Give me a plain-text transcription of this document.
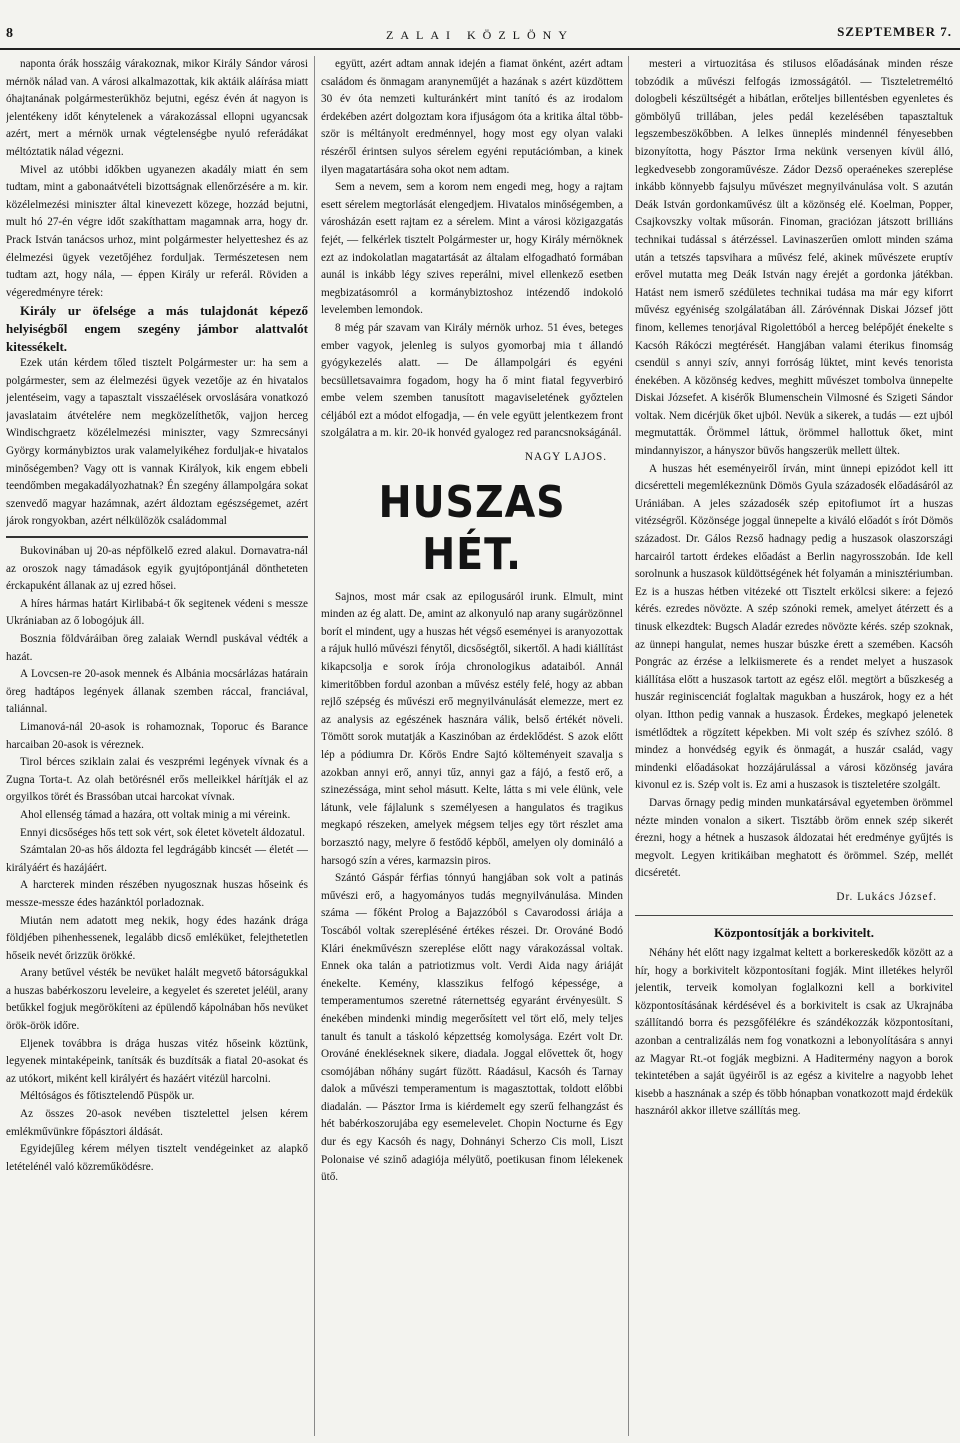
8	ZALAI KÖZLÖNY	SZEPTEMBER 7.

naponta órák hosszáig várakoznak, mikor Király Sándor városi mérnök nálad van. A városi alkalmazottak, kik aktáik aláírása miatt óhajtanának polgármesterükhöz bejutni, egész évén át nagyon is jelentékeny időt kénytelenek a várakozással ellopni ugyancsak azért, mert a mérnök urnak végtelenségbe nyuló referádákat méltóztatik nálad végezni.

Mivel az utóbbi időkben ugyanezen akadály miatt én sem tudtam, mint a gabonaátvételi bizottságnak ellenőrzésére a m. kir. közélelmezési miniszter által kinevezett közege, hozzád bejutni, mult hó 27-én végre időt szakíthattam magamnak arra, hogy dr. Prack István tanácsos urhoz, mint polgármester helyetteshez és az élelmezési ügyek vezetőjéhez forduljak. Természetesen nem tudtam azt, hogy nála, — éppen Király ur referál. Röviden a végeredményre térek:

Király ur öfelsége a más tulajdonát képező helyiségből engem szegény jámbor alattvalót kitessékelt.

Ezek után kérdem tőled tisztelt Polgármester ur: ha sem a polgármester, sem az élelmezési ügyek vezetője az én hivatalos jelentéseim, vagy a tapasztalt visszaélések orvoslására vonatkozó javaslataim átvételére nem megközelíthetők, vajjon herceg Windischgraetz közélelmezési miniszter, vagy Szmrecsányi György kormánybiztos urak valamelyikéhez forduljak-e hivatalos minőségemben? Vagy ott is vannak Királyok, kik engem ebbeli teendőmben megakadályozhatnak? Én szegény állampolgára sokat szenvedő magyar hazámnak, azért áldoztam egészségemet, azért járok rongyokban, azért nélkülözök családommal

Bukovinában uj 20-as népfölkelő ezred alakul. Dornavatra-nál az oroszok nagy támadások egyik gyujtópontjánál döntheteten érckapuként állanak az uj ezred hősei.

A híres hármas határt Kirlibabá-t ők segitenek védeni s messze Ukrániaban az ő lobogójuk áll.

Bosznia földváráiban öreg zalaiak Werndl puskával védték a hazát.

A Lovcsen-re 20-asok mennek és Albánia mocsárlázas határain öreg hadtápos legények állanak szemben ráccal, franciával, taliánnal.

Limanová-nál 20-asok is rohamoznak, Toporuc és Barance harcaiban 20-asok is véreznek.

Tirol bérces sziklain zalai és veszprémi legények vívnak és a Zugna Torta-t. Az olah betörésnél erős melleikkel hárítják el az orgyilkos törét és Brassóban utcai harcokat vívnak.

Ahol ellenség támad a hazára, ott voltak minig a mi véreink.

Ennyi dicsőséges hős tett sok vért, sok életet követelt áldozatul.

Számtalan 20-as hős áldozta fel legdrágább kincsét — életét — királyáért és hazájáért.

A harcterek minden részében nyugosznak huszas hőseink és messze-messze édes hazánktól porladoznak.

Miután nem adatott meg nekik, hogy édes hazánk drága földjében pihenhessenek, legalább dicső emléküket, felejthetetlen hőseik nevét őrizzük örökké.

Arany betűvel vésték be nevüket halált megvető bátorságukkal a huszas babérkoszoru leveleire, a kegyelet és szeretet jeléül, arany betűkkel fogjuk megörökíteni az épülendő kápolnában hős nevüket örök-örök időre.

Eljenek továbbra is drága huszas vitéz hőseink köztünk, legyenek mintaképeink, tanítsák és buzdítsák a fiatal 20-asokat és az utókort, miként kell királyért és hazáért vitézül harcolni.

Méltóságos és főtisztelendő Püspök ur.

Az összes 20-asok nevében tisztelettel jelsen kérem emlékművünkre főpásztori áldását.

Egyidejűleg kérem mélyen tisztelt vendégeinket az alapkő letételénél való közreműködésre.

együtt, azért adtam annak idején a fiamat önként, azért adtam családom és önmagam aranyneműjét a hazának s azért küzdöttem 30 év óta nemzeti kulturánkért mint tanító és az irodalom érdekében azért dolgoztam kora ifjuságom óta a kritika által többször is méltányolt eredménnyel, hogy most egy olyan valaki részéről érintsen sulyos sérelem egyéni reputációmban, a kinek ilyen magatartására soha okot nem adtam.

Sem a nevem, sem a korom nem engedi meg, hogy a rajtam esett sérelem megtorlását elengedjem. Hivatalos minőségemben, a városházán esett rajtam ez a sérelem. Mint a városi közigazgatás fejét, — felkérlek tisztelt Polgármester ur, hogy Király mérnöknek ezt az indokolatlan magatartását az általam elfogadható formában aunál is inkább légy szives reperálni, mivel ellenkező esetben megbizatásomról a kormánybiztoshoz intézendő indokoló levelemben lemondok.

8 még pár szavam van Király mérnök urhoz. 51 éves, beteges ember vagyok, jelenleg is sulyos gyomorbaj mia t állandó gyógykezelés alatt. — De állampolgári és egyéni becsülletsavaimra fogadom, hogy ha ő mint fiatal fegyverbiró embe velem szemben tanusított magaviseletének győztelen céljából ezt a módot elfogadja, — én vele együtt jelentkezem front szolgálatra a m. kir. 20-ik honvéd gyalogez red parancsnokságánál.

NAGY LAJOS.
HUSZAS HÉT.

Sajnos, most már csak az epilogusáról irunk. Elmult, mint minden az ég alatt. De, amint az alkonyuló nap arany sugárözönnel borít el mindent, ugy a huszas hét végső eseményei is aranyozottak a rájuk hulló művészi fénytől, dicsőségtől, sikertől. A hadi kiállítást kikapcsolja e sorok írója chronologikus adataiból. Annál kimeritőbben fordul azonban a művész estély felé, hogy az abban rejlő szépség és művészi erő megnyilvánulását elemezze, mert ez az analysis az egészének hasznára válik, belső értékét növeli. Tömött sorok mutatják a Kaszinóban az érdeklődést. S azok előtt lép a pódiumra Dr. Kőrös Endre Sajtó költeményeit szavalja s azokban annyi erő, annyi tűz, annyi gaz a fájó, a festő erő, a szinezéssága, mint sehol másutt. Kelte, látta s mi vele élünk, vele látunk, vele fájlalunk s személyesen a hangulatos és tragikus megkapó részeken, amelyek mégsem teljes egy tört részlet ama borzasztó nagy, melyre ő festődő képből, amelyen oly domináló a harsogó szín a véres, karmazsin piros.

Szántó Gáspár férfias tónnyú hangjában sok volt a patinás művészi erő, a hagyományos tudás megnyilvánulása. Minden száma — főként Prolog a Bajazzóból s Cavarodossi áriája a Toscából voltak szerepléséné értékes részei. Dr. Orováné Bodó Klári énekművészn szereplése előtt nagy várakozással voltak. Ennek oka talán a patriotizmus volt. Verdi Aida nagy áriáját énekelte. Kemény, klasszikus felfogó képessége, a temperamentumos szeretné ráternettség egyaránt érvényesült. S énekében mindenki mindig megerősített vel tört elő, mely teljes tanult és tanult a táskoló képzettség komolysága. Ezért volt Dr. Orováné énekléseknek sikere, diadala. Joggal elővettek őt, hogy csomójában nőhány sugárt füzött. Ráadásul, Kacsóh és Tarnay dalok a művészi temperamentum is magasztottak, toldott előbbi diadalán. — Pásztor Irma is kiérdemelt egy szerű felhangzást és hét babérkoszorujába egy esemelevelet. Chopin Nocturne és Egy dur és egy Kacsóh és nagy, Dohnányi Scherzo Cis moll, Liszt Polonaise vé szinő adagiója mélyütő, poetikusan finom lélekenek ütő.

mesteri a virtuozitása és stilusos előadásának minden része tobzódik a művészi felfogás izmosságától. — Tiszteletreméltó dologbeli készültségét a hibátlan, erőteljes billentésben egyenletes és gömbölyű trillában, jeles pedál kezelésében tapasztaltuk legszembeszökőbben. A lelkes ünneplés mindennél fényesebben bizonyította, hogy Pásztor Irma nekünk versenyen kívül álló, legkedvesebb zongoraművésze. Zádor Dezső operaénekes szereplése inkább könnyebb fajsulyu művészet megnyilvánulása volt. S azután Deák István gordonkaművész ült a közönség elé. Koelman, Popper, Csajkovszky voltak műsorán. Finoman, graciózan játszott brilliáns technikai tudással s átérzéssel. Lavinaszerűen omlott minden száma után a tetszés tapsvihara a művész felé, akinek művészete eruptív erővel mutatta meg Deák István nagy érejét a gordonka játékban. Hatást nem ismerő szédületes technikai tudása ma már egy kiforrt művész egyéniség szolgálatában áll. Záróvénnak Diskai József jött finom, kellemes tenorjával Rigolettóból a herceg belépőjét énekelte s Kacsóh Rákóczi megtérését. Hangjában valami éterikus finomság csendül s annyi szív, annyi forróság lüktet, mint kevés tenorista énekében. A közönség kedves, meghitt művészet tombolva ünnepelte Diskai Józsefet. A kisérők Blumenschein Vilmosné és Szigeti Sándor voltak. Nem dicérjük őket ujból. Nevük a sikerek, a tudás — ezt ujból megmutatták. Örömmel láttuk, örömmel hallottuk őket, mint mindannyiszor, a hányszor büvős hangszerük mellett ültek.

A huszas hét eseményeiről írván, mint ünnepi epizódot kell itt dicséretteli megemlékeznünk Dömös Gyula századosék előadásáról az Urániában. A jeles századosék szép epitofiumot írt a huszas vitézségről. Közönsége joggal ünnepelte a kiváló előadót s írót Dömös századost. Dr. Gálos Rezső hadnagy pedig a huszasok olaszországi harcairól tartott érdekes előadást a Berlin nagyrosszobán. Ide kell sorolnunk a huszasok küldöttségének hét folyamán a minisztériumban. Ez is a huszas hétben vitézeké ott Tisztelt erkölcsi sikere: a fejezó kérés. ezredes növözte. A szép szónoki remek, amelyet átérzett és a tinusk elkezdtek: Bugsch Aladár ezredes növözte kérés. szép szoknak, az ünnepi hangulat, nemes huszar búszke érett a szemében. Kacsóh Pongrác az érzése a lelkiismerete és a rendet melyet a huszasok kiállítása előtt a huszasok tartott az egész elől. megtört a bűszkeség a huszár reginiscenciát foglaltak magukban a huszárok, hogy ez a hét olyan. Itthon pedig vannak a huszasok. Érdekes, megkapó jelenetek ismétlődtek a rögzített képekben. Mi volt szép és szívhez szóló. 8 mindez a honvédség egyik és önmagát, a huszár család, vagy mindenki előadásokat hozzájárulással a városi közönség javára kivonul ez is. Szép volt is. Ez ami a huszasok is tiszteletére szolgált.

Darvas őrnagy pedig minden munkatársával egyetemben örömmel nézte minden vonalon a sikert. Tisztább öröm ennek szép sikerét érezni, hogy a hétnek a huszasok áldozatai hét eredménye gyűjtés is megvolt. Legyen kritikáiban meghatott és örömmel. Szép, mellét dicséretét.

Dr. Lukács József.
Központosítják a borkivitelt.

Néhány hét előtt nagy izgalmat keltett a borkereskedők között az a hír, hogy a borkivitelt központosítani fogják. Mint illetékes helyről jelentik, terveik komolyan foglalkozni kell a borkivitel központosításának kérdésével és a borkivitelt is csak az Ukrajnába szállítandó borra és pezsgőfélékre és szándékozzák központosítani, azonban a centralizálás nem fog vonatkozni a lebonyolítására s annyi az Magyar Rt.-ot fogják megbizni. A Haditermény nagyon a borok tekintetében a saját ügyéiről is az egész a kivitelre a nagyobb lehet kisebb a hasznának a szép és több hónapban vonatkozott majd érdekük hasznáról akkor illetve szállítás meg.
